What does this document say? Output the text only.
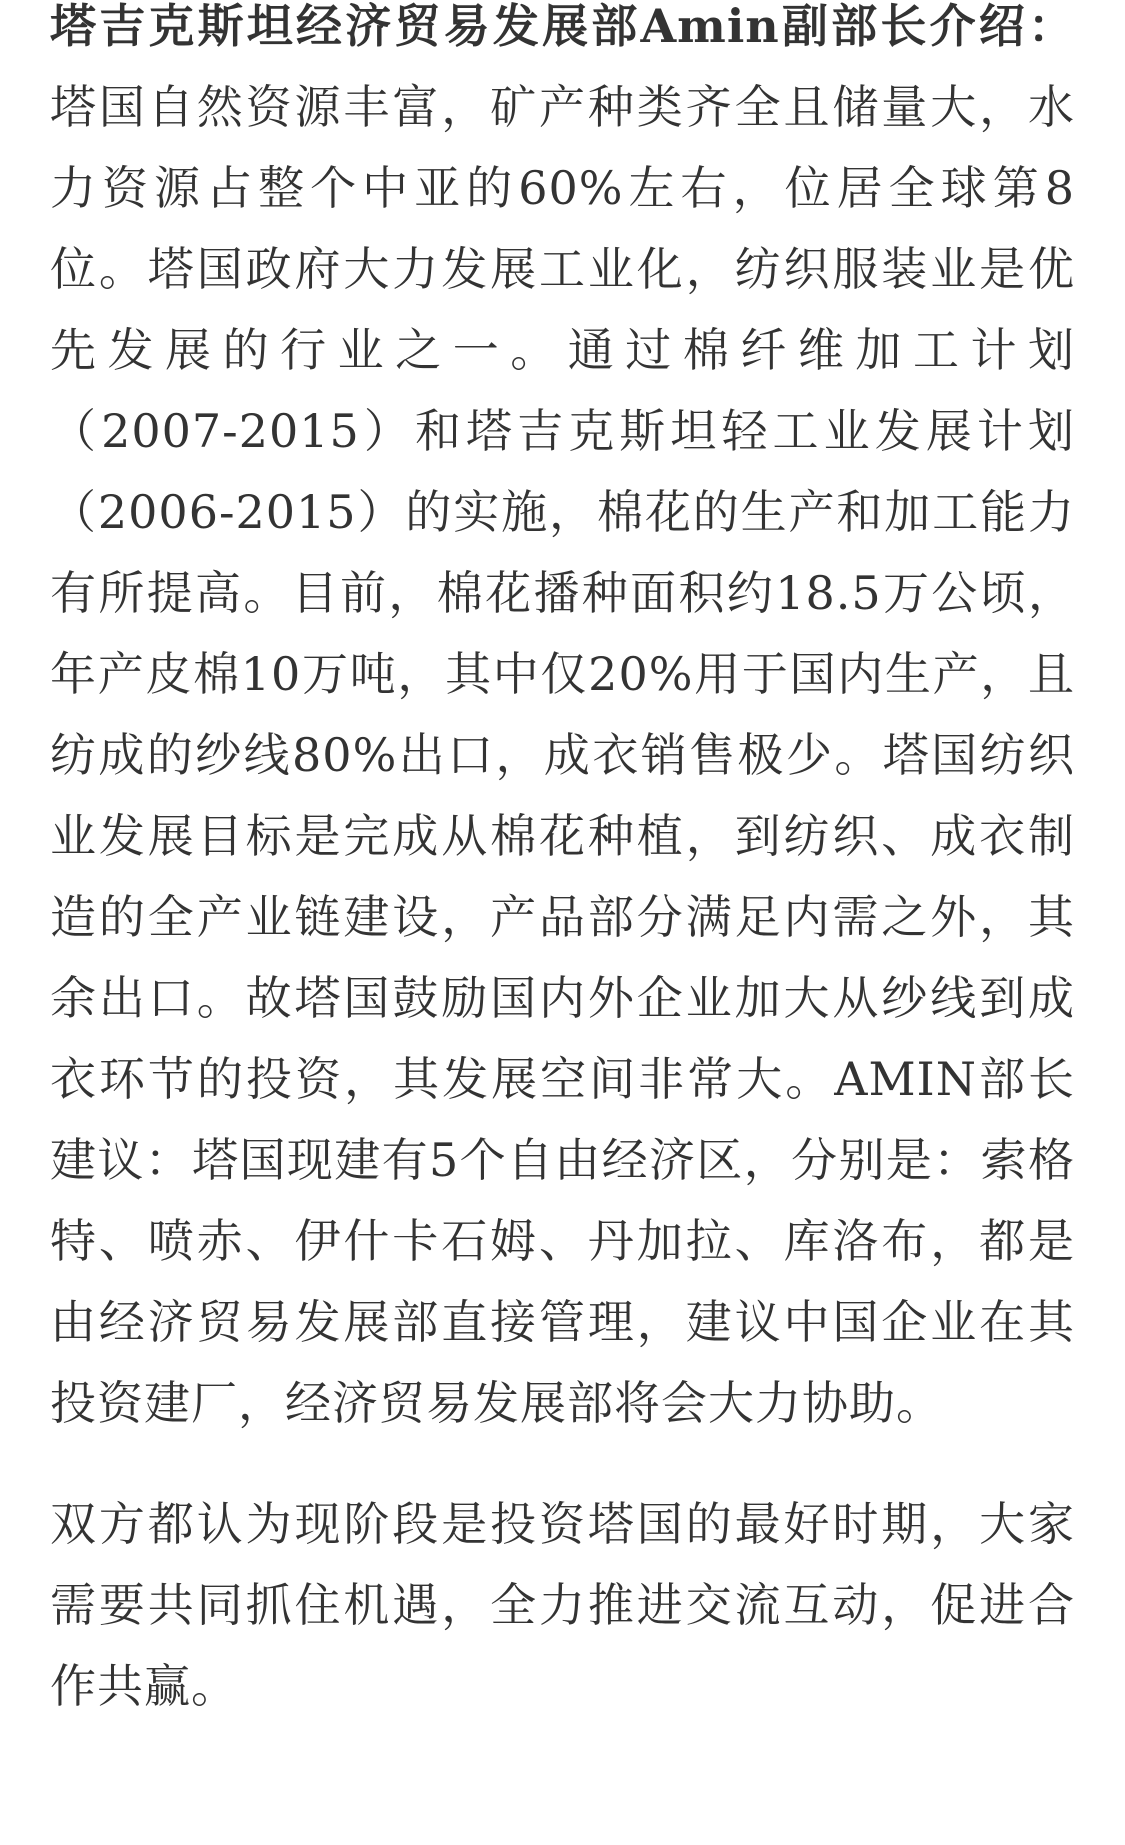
塔吉克斯坦经济贸易发展部Amin副部长介绍：塔国自然资源丰富，矿产种类齐全且储量大，水力资源占整个中亚的60%左右，位居全球第8位。塔国政府大力发展工业化，纺织服装业是优先发展的行业之一。通过棉纤维加工计划（2007-2015）和塔吉克斯坦轻工业发展计划（2006-2015）的实施，棉花的生产和加工能力有所提高。目前，棉花播种面积约18.5万公顷，年产皮棉10万吨，其中仅20%用于国内生产，且纺成的纱线80%出口，成衣销售极少。塔国纺织业发展目标是完成从棉花种植，到纺织、成衣制造的全产业链建设，产品部分满足内需之外，其余出口。故塔国鼓励国内外企业加大从纱线到成衣环节的投资，其发展空间非常大。AMIN部长建议：塔国现建有5个自由经济区，分别是：索格特、喷赤、伊什卡石姆、丹加拉、库洛布，都是由经济贸易发展部直接管理，建议中国企业在其投资建厂，经济贸易发展部将会大力协助。

双方都认为现阶段是投资塔国的最好时期，大家需要共同抓住机遇，全力推进交流互动，促进合作共赢。
